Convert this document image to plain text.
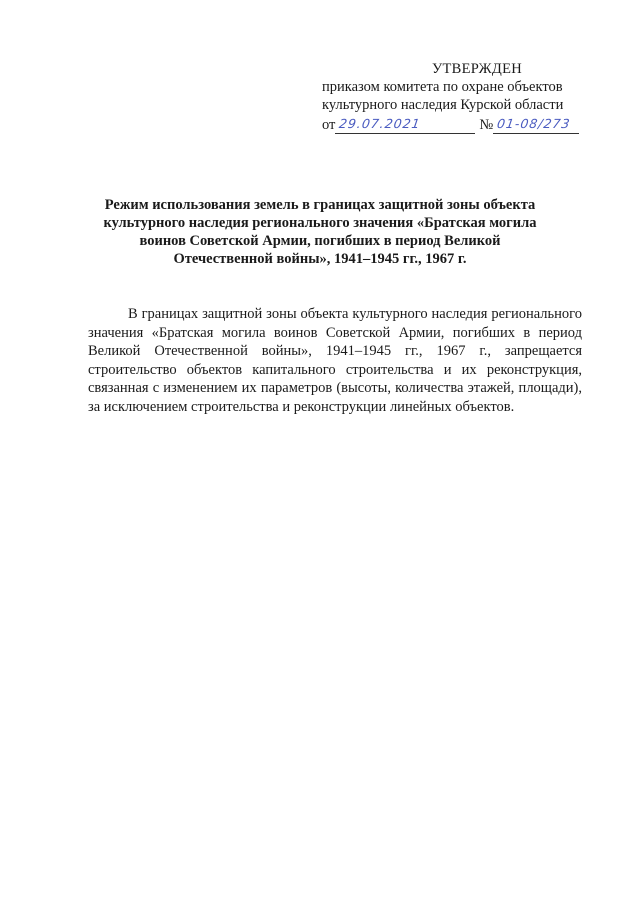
УТВЕРЖДЕН
приказом комитета по охране объектов
культурного наследия Курской области
от 29.07.2021	№ 01-08/273
Режим использования земель в границах защитной зоны объекта культурного наследия регионального значения «Братская могила воинов Советской Армии, погибших в период Великой Отечественной войны», 1941–1945 гг., 1967 г.
В границах защитной зоны объекта культурного наследия регионального значения «Братская могила воинов Советской Армии, погибших в период Великой Отечественной войны», 1941–1945 гг., 1967 г., запрещается строительство объектов капитального строительства и их реконструкция, связанная с изменением их параметров (высоты, количества этажей, площади), за исключением строительства и реконструкции линейных объектов.
